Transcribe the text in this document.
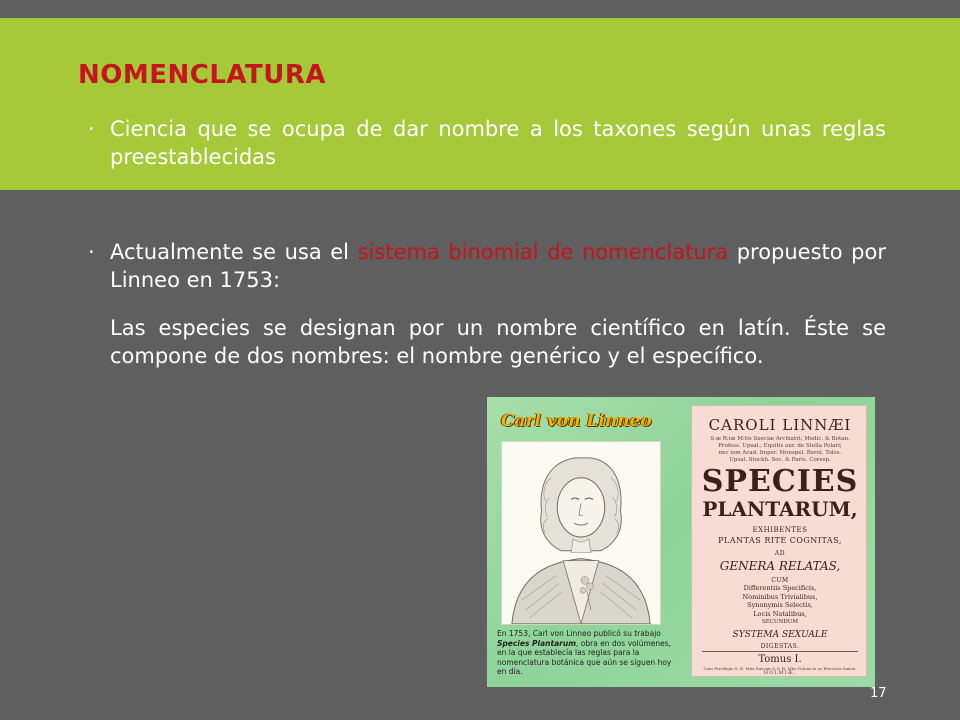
NOMENCLATURA
· Ciencia que se ocupa de dar nombre a los taxones según unas reglas preestablecidas
· Actualmente se usa el sistema binomial de nomenclatura propuesto por Linneo en 1753:
Las especies se designan por un nombre científico en latín. Éste se compone de dos nombres: el nombre genérico y el específico.
Carl von Linneo
En 1753, Carl von Linneo publicó su trabajo Species Plantarum, obra en dos volúmenes, en la que establecía las reglas para la nomenclatura botánica que aún se siguen hoy en día.
CAROLI LINNÆI
S:æ R:iæ M:tis Sueciæ Archiatri; Medic. & Botan.
Profess. Upsal.; Equitis aur. de Stella Polari;
nec non Acad. Imper. Monspel. Berol. Tolos.
Upsal. Stockh. Soc. & Paris. Coresp.
SPECIES
PLANTARUM,
EXHIBENTES
PLANTAS RITE COGNITAS,
AD
GENERA RELATAS,
CUM
Differentiis Specificis,
Nominibus Trivialibus,
Synonymis Selectis,
Locis Natalibus,
SECUNDUM
SYSTEMA SEXUALE
DIGESTAS.
Tomus I.
Cum Privilegio S. R. Mtis Sueciæ & S. R. Mtis Polonicæ ac Electoris Saxon.
HOLMIÆ,
17
